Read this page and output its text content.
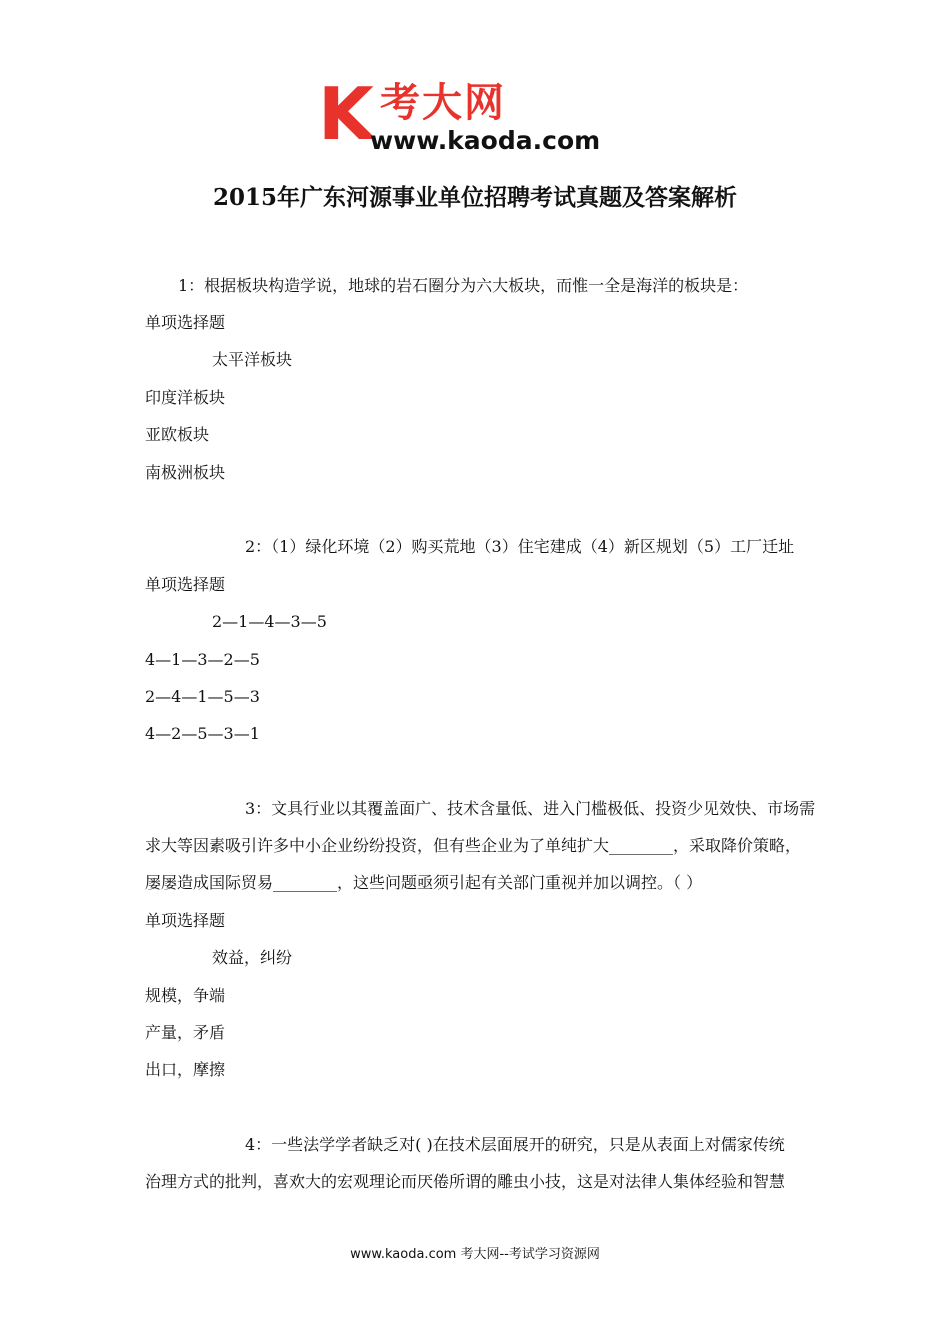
K 考大网
www.kaoda.com
2015年广东河源事业单位招聘考试真题及答案解析
1：根据板块构造学说，地球的岩石圈分为六大板块，而惟一全是海洋的板块是：
单项选择题
太平洋板块
印度洋板块
亚欧板块
南极洲板块
2：（1）绿化环境（2）购买荒地（3）住宅建成（4）新区规划（5）工厂迁址
单项选择题
2—1—4—3—5
4—1—3—2—5
2—4—1—5—3
4—2—5—3—1
3：文具行业以其覆盖面广、技术含量低、进入门槛极低、投资少见效快、市场需
求大等因素吸引许多中小企业纷纷投资，但有些企业为了单纯扩大________，采取降价策略，
屡屡造成国际贸易________，这些问题亟须引起有关部门重视并加以调控。（ ）
单项选择题
效益，纠纷
规模，争端
产量，矛盾
出口，摩擦
4：一些法学学者缺乏对( )在技术层面展开的研究，只是从表面上对儒家传统
治理方式的批判，喜欢大的宏观理论而厌倦所谓的雕虫小技，这是对法律人集体经验和智慧
www.kaoda.com 考大网--考试学习资源网
